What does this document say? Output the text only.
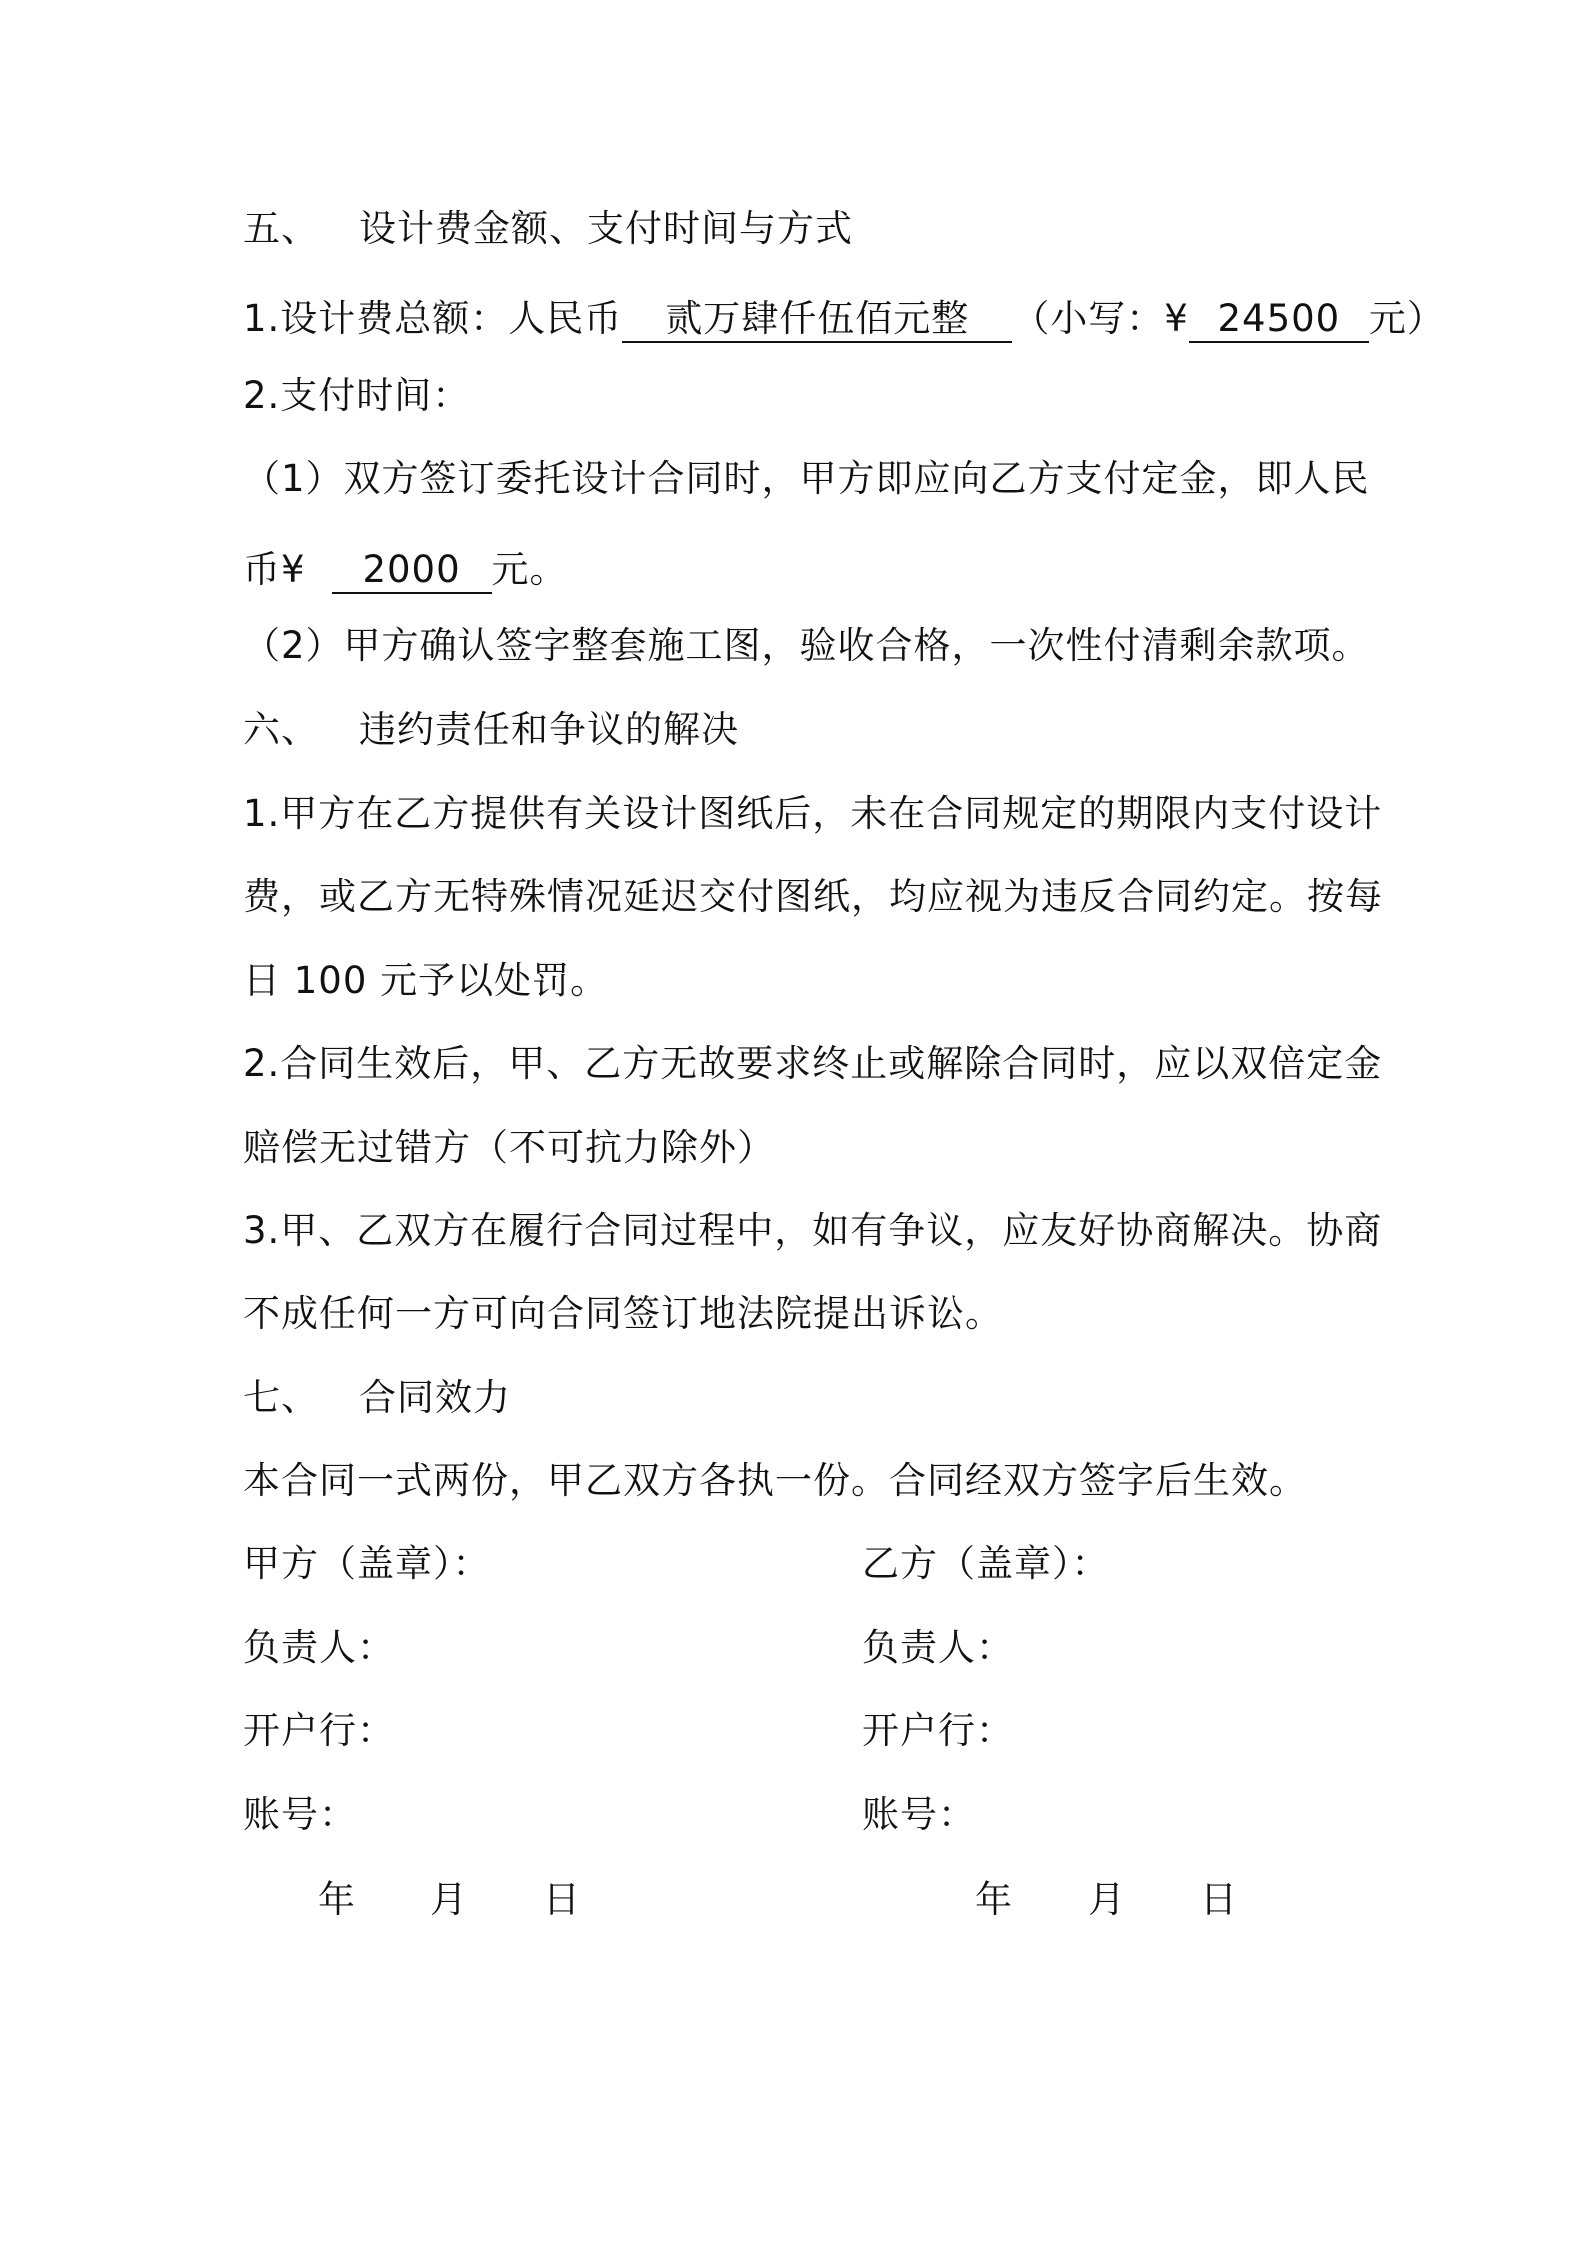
五、 设计费金额、支付时间与方式
1.设计费总额：人民币 贰万肆仟伍佰元整 （小写：¥ 24500 元）
2.支付时间：
（1）双方签订委托设计合同时，甲方即应向乙方支付定金，即人民
币¥ 2000 元。
（2）甲方确认签字整套施工图，验收合格，一次性付清剩余款项。
六、 违约责任和争议的解决
1.甲方在乙方提供有关设计图纸后，未在合同规定的期限内支付设计
费，或乙方无特殊情况延迟交付图纸，均应视为违反合同约定。按每
日 100 元予以处罚。
2.合同生效后，甲、乙方无故要求终止或解除合同时，应以双倍定金
赔偿无过错方（不可抗力除外）
3.甲、乙双方在履行合同过程中，如有争议，应友好协商解决。协商
不成任何一方可向合同签订地法院提出诉讼。
七、 合同效力
本合同一式两份，甲乙双方各执一份。合同经双方签字后生效。
甲方（盖章）：	乙方（盖章）：
负责人：	负责人：
开户行：	开户行：
账号：	账号：
年 月 日	年 月 日
